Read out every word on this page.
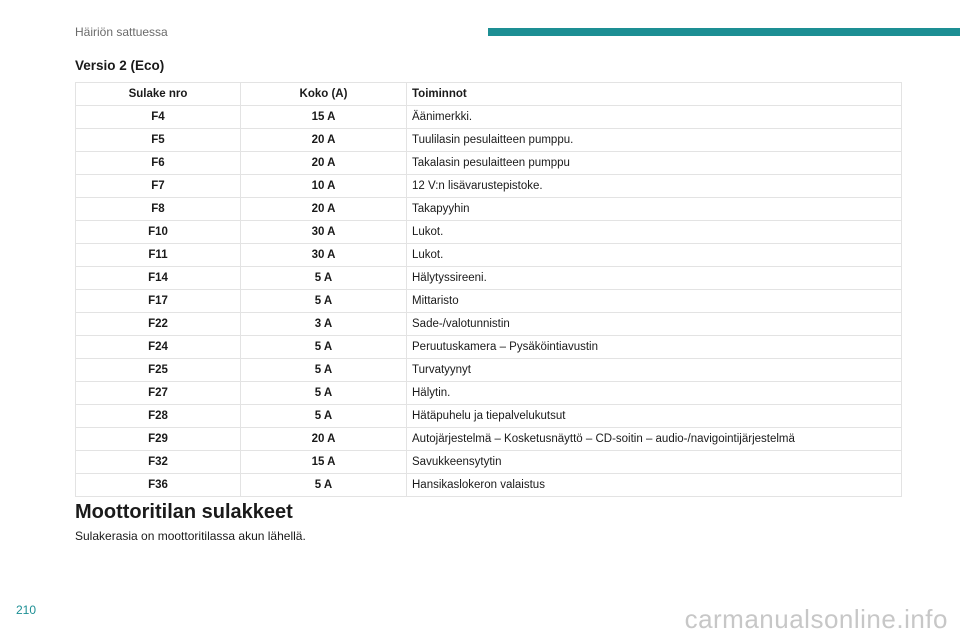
Häiriön sattuessa
Versio 2 (Eco)
Sulake nro	Koko (A)	Toiminnot
F4	15 A	Äänimerkki.
F5	20 A	Tuulilasin pesulaitteen pumppu.
F6	20 A	Takalasin pesulaitteen pumppu
F7	10 A	12 V:n lisävarustepistoke.
F8	20 A	Takapyyhin
F10	30 A	Lukot.
F11	30 A	Lukot.
F14	5 A	Hälytyssireeni.
F17	5 A	Mittaristo
F22	3 A	Sade-/valotunnistin
F24	5 A	Peruutuskamera – Pysäköintiavustin
F25	5 A	Turvatyynyt
F27	5 A	Hälytin.
F28	5 A	Hätäpuhelu ja tiepalvelukutsut
F29	20 A	Autojärjestelmä – Kosketusnäyttö – CD-soitin – audio-/navigointijärjestelmä
F32	15 A	Savukkeensytytin
F36	5 A	Hansikaslokeron valaistus
Moottoritilan sulakkeet
Sulakerasia on moottoritilassa akun lähellä.
210	carmanualsonline.info
